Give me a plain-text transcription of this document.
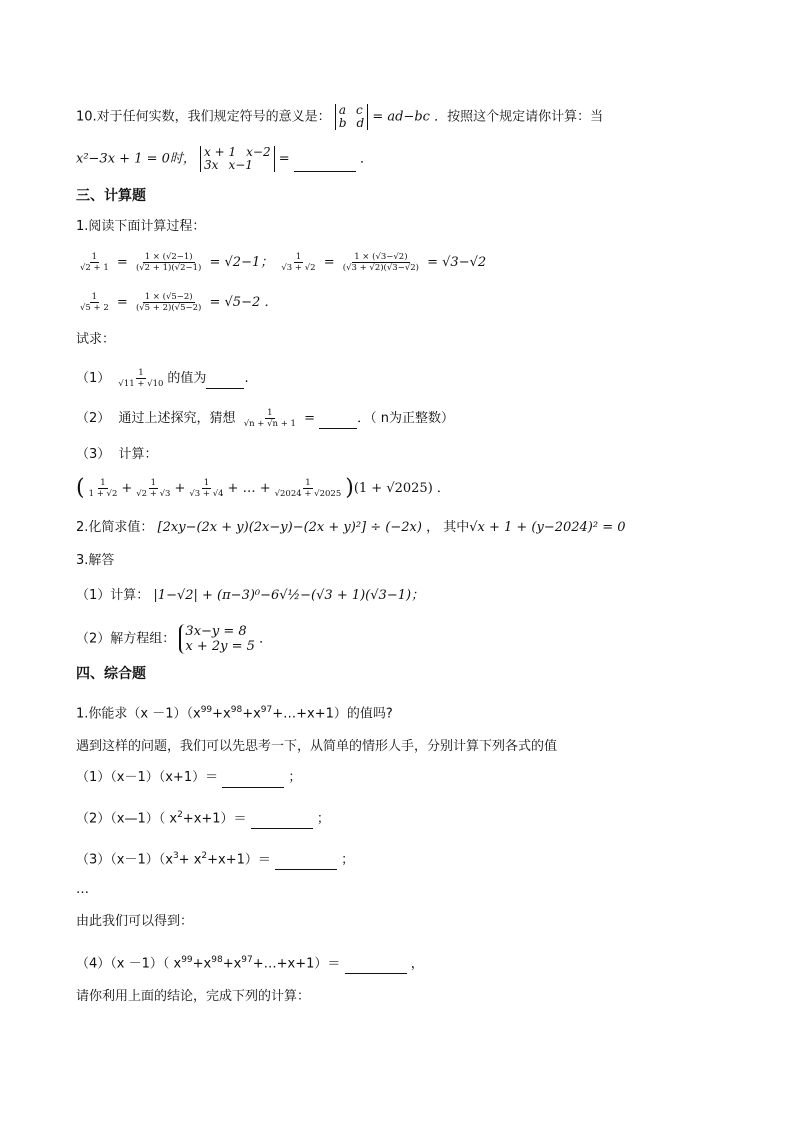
10.对于任何实数，我们规定符号的意义是： a c
b d = ad−bc ．按照这个规定请你计算：当
x²−3x + 1 = 0时， x + 1 x−2
3x x−1 =	．
三、计算题
1.阅读下面计算过程：
$\frac{1}{√2 + 1} = \frac{1 \times (√2-1)}{(√2 + 1)(√2-1)} = √2-1$； $\frac{1}{√3 + √2} = \frac{1 \times (√3-√2)}{(√3 + √2)(√3-√2)} = √3-√2$
$\frac{1}{√5 + 2} = \frac{1 \times (√5-2)}{(√5 + 2)(√5-2)} = √5-2$ ．
试求：
$(1) \frac{1}{√11 + √10}$ 的值为	.
（2） 通过上述探究，猜想 $\frac{1}{√n + √n + 1}$ =	．（ n为正整数）
（3） 计算：
( $\frac{1}{1 + √2} + \frac{1}{√2 + √3} + \frac{1}{√3 + √4}$ + … + $\frac{1}{√2024 + √2025} )(1 + √2025)$ ．
2.化简求值： [2xy−(2x + y)(2x−y)−(2x + y)²] ÷ (−2x) ， 其中√x + 1 + (y−2024)² = 0
3.解答
（1）计算： |1−√2| + (π−3)⁰−6√½−(√3 + 1)(√3−1)；
（2）解方程组： 3x−y = 8
x + 2y = 5 ．
四、综合题
1.你能求$(x -1)(x^{99}+x^{98}+x^{97}+\dots+x+1)$的值吗?
遇到这样的问题，我们可以先思考一下，从简单的情形人手，分别计算下列各式的值
（1）（x－1）（x+1）＝	；
（2）（x—1）（ $x^2+x+1)=$	；
$(3)(x-1)(x^3+ x^2+x+1)=$	；
…
由此我们可以得到：
（4）（x －1）（ $x^{99}+x^{98}+x^{97}+\dots+x+1)=$	，
请你利用上面的结论，完成下列的计算：
